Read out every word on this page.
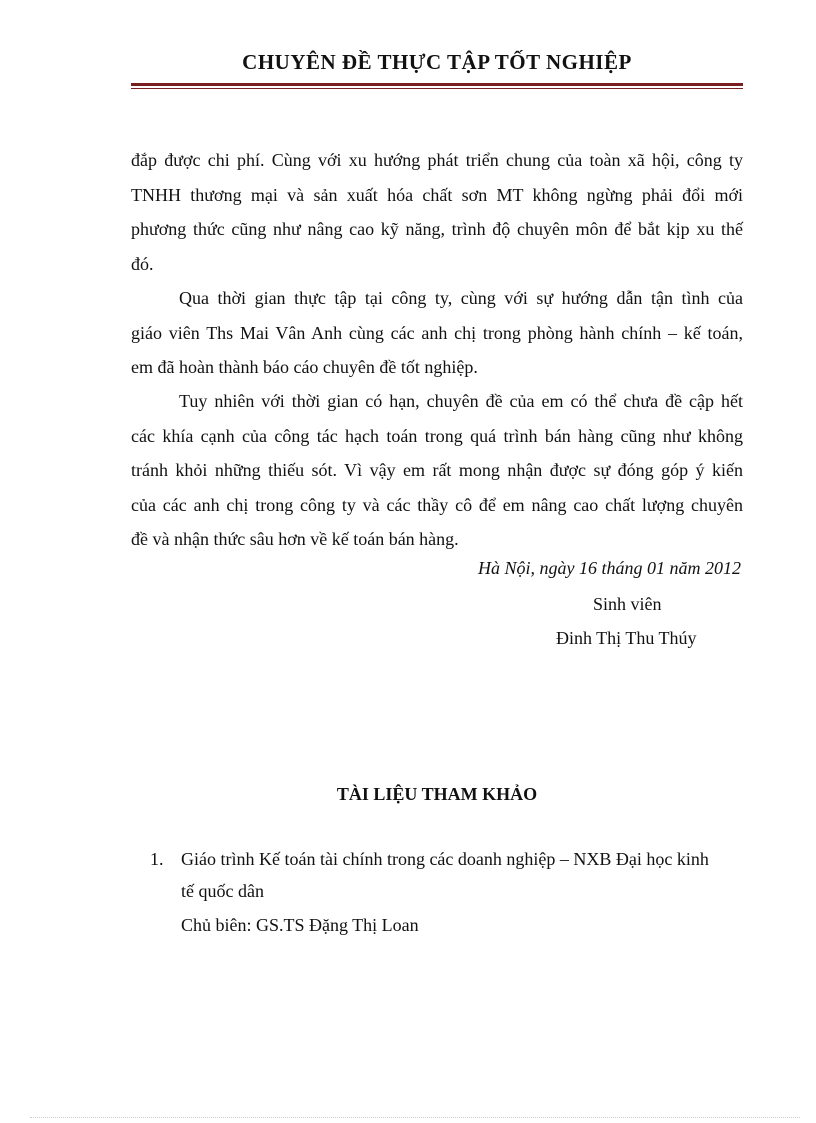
CHUYÊN ĐỀ THỰC TẬP TỐT NGHIỆP
đắp được chi phí. Cùng với xu hướng phát triển chung của toàn xã hội, công ty
TNHH thương mại và sản xuất hóa chất sơn MT không ngừng phải đổi mới
phương thức cũng như nâng cao kỹ năng, trình độ chuyên môn để bắt kịp xu thế
đó.
Qua thời gian thực tập tại công ty, cùng với sự hướng dẫn tận tình của
giáo viên Ths Mai Vân Anh cùng các anh chị trong phòng hành chính – kế toán,
em đã hoàn thành báo cáo chuyên đề tốt nghiệp.
Tuy nhiên với thời gian có hạn, chuyên đề của em có thể chưa đề cập hết
các khía cạnh của công tác hạch toán trong quá trình bán hàng cũng như không
tránh khỏi những thiếu sót. Vì vậy em rất mong nhận được sự đóng góp ý kiến
của các anh chị trong công ty và các thầy cô để em nâng cao chất lượng chuyên
đề và nhận thức sâu hơn về kế toán bán hàng.
Hà Nội, ngày 16 tháng 01 năm 2012
Sinh viên
Đinh Thị Thu Thúy
TÀI LIỆU THAM KHẢO
1. Giáo trình Kế toán tài chính trong các doanh nghiệp – NXB Đại học kinh
tế quốc dân
Chủ biên: GS.TS Đặng Thị Loan
